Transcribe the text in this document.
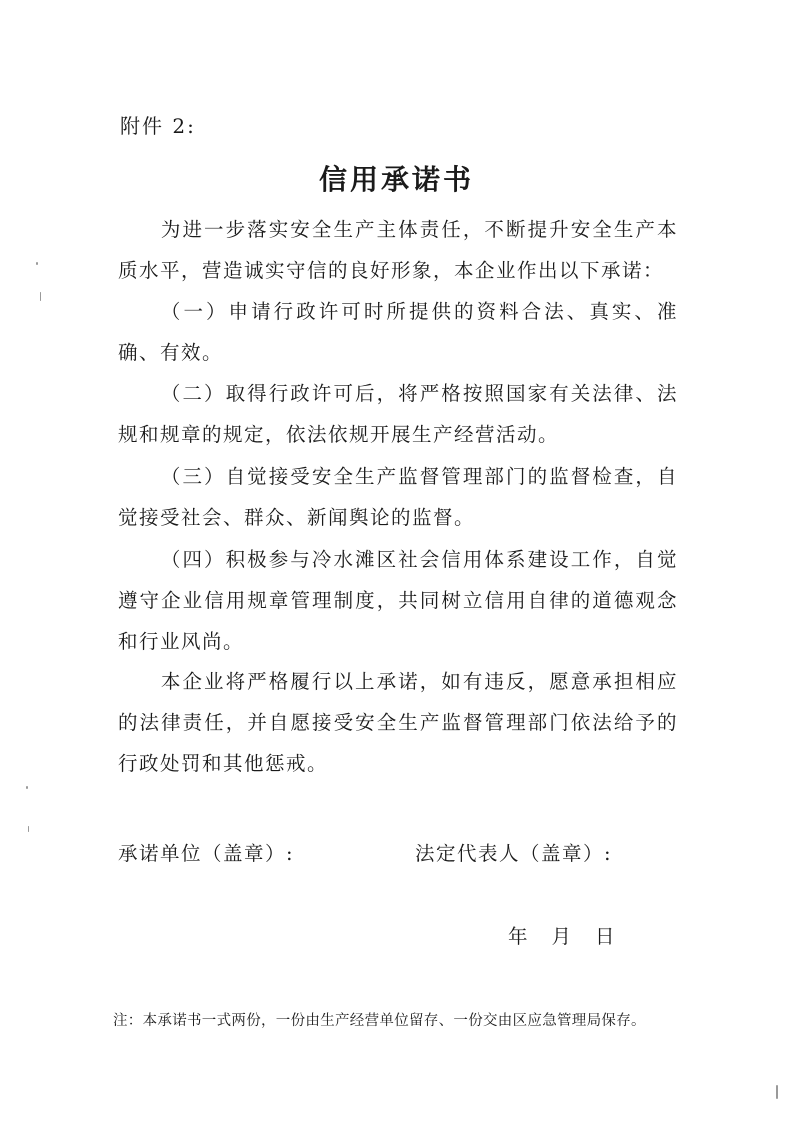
附件 2:
信用承诺书
为进一步落实安全生产主体责任，不断提升安全生产本质水平，营造诚实守信的良好形象，本企业作出以下承诺：
（一）申请行政许可时所提供的资料合法、真实、准确、有效。
（二）取得行政许可后，将严格按照国家有关法律、法规和规章的规定，依法依规开展生产经营活动。
（三）自觉接受安全生产监督管理部门的监督检查，自觉接受社会、群众、新闻舆论的监督。
（四）积极参与冷水滩区社会信用体系建设工作，自觉遵守企业信用规章管理制度，共同树立信用自律的道德观念和行业风尚。
本企业将严格履行以上承诺，如有违反，愿意承担相应的法律责任，并自愿接受安全生产监督管理部门依法给予的行政处罚和其他惩戒。
承诺单位（盖章）:	法定代表人（盖章）:
年 月 日
注：本承诺书一式两份，一份由生产经营单位留存、一份交由区应急管理局保存。
